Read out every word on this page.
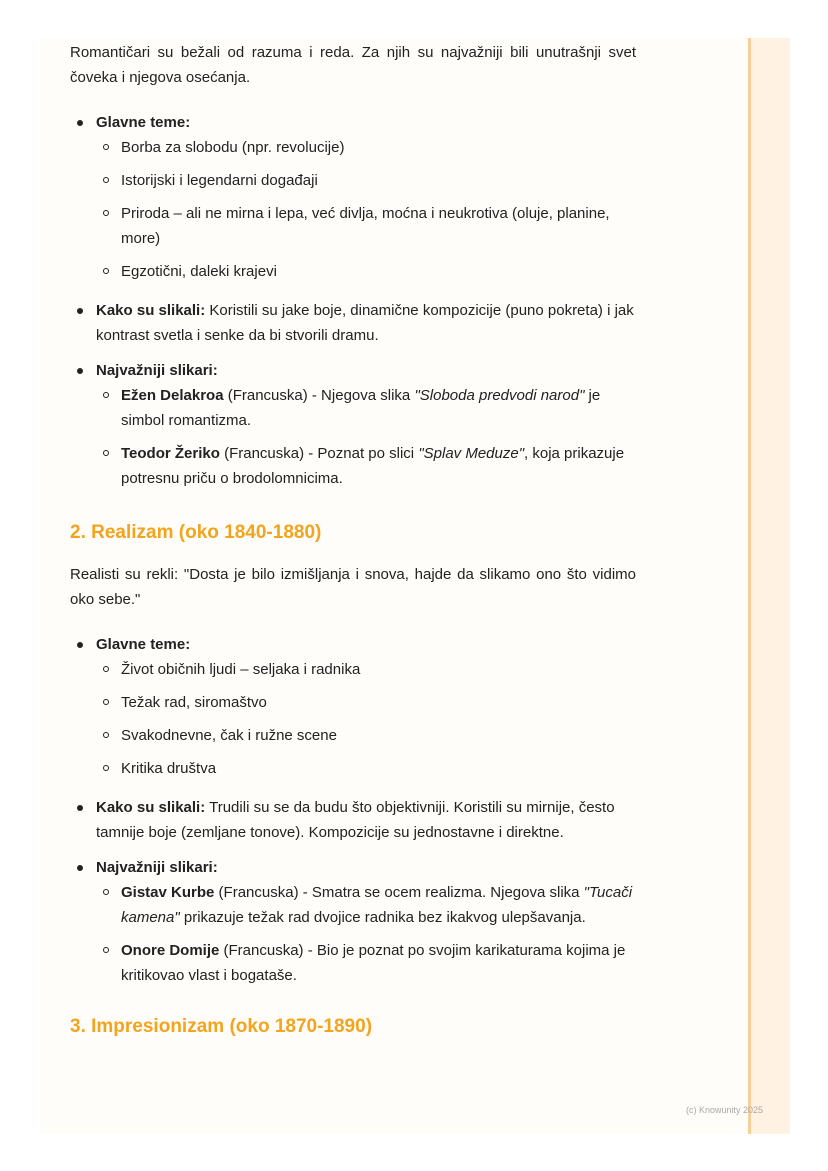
Romantičari su bežali od razuma i reda. Za njih su najvažniji bili unutrašnji svet čoveka i njegova osećanja.

Glavne teme:
Borba za slobodu (npr. revolucije)
Istorijski i legendarni događaji
Priroda – ali ne mirna i lepa, već divlja, moćna i neukrotiva (oluje, planine, more)
Egzotični, daleki krajevi
Kako su slikali: Koristili su jake boje, dinamične kompozicije (puno pokreta) i jak kontrast svetla i senke da bi stvorili dramu.
Najvažniji slikari:
Ežen Delakroa (Francuska) - Njegova slika "Sloboda predvodi narod" je simbol romantizma.
Teodor Žeriko (Francuska) - Poznat po slici "Splav Meduze", koja prikazuje potresnu priču o brodolomnicima.
2. Realizam (oko 1840-1880)

Realisti su rekli: "Dosta je bilo izmišljanja i snova, hajde da slikamo ono što vidimo oko sebe."

Glavne teme:
Život običnih ljudi – seljaka i radnika
Težak rad, siromaštvo
Svakodnevne, čak i ružne scene
Kritika društva
Kako su slikali: Trudili su se da budu što objektivniji. Koristili su mirnije, često tamnije boje (zemljane tonove). Kompozicije su jednostavne i direktne.
Najvažniji slikari:
Gistav Kurbe (Francuska) - Smatra se ocem realizma. Njegova slika "Tucači kamena" prikazuje težak rad dvojice radnika bez ikakvog ulepšavanja.
Onore Domije (Francuska) - Bio je poznat po svojim karikaturama kojima je kritikovao vlast i bogataše.
3. Impresionizam (oko 1870-1890)
(c) Knowunity 2025
